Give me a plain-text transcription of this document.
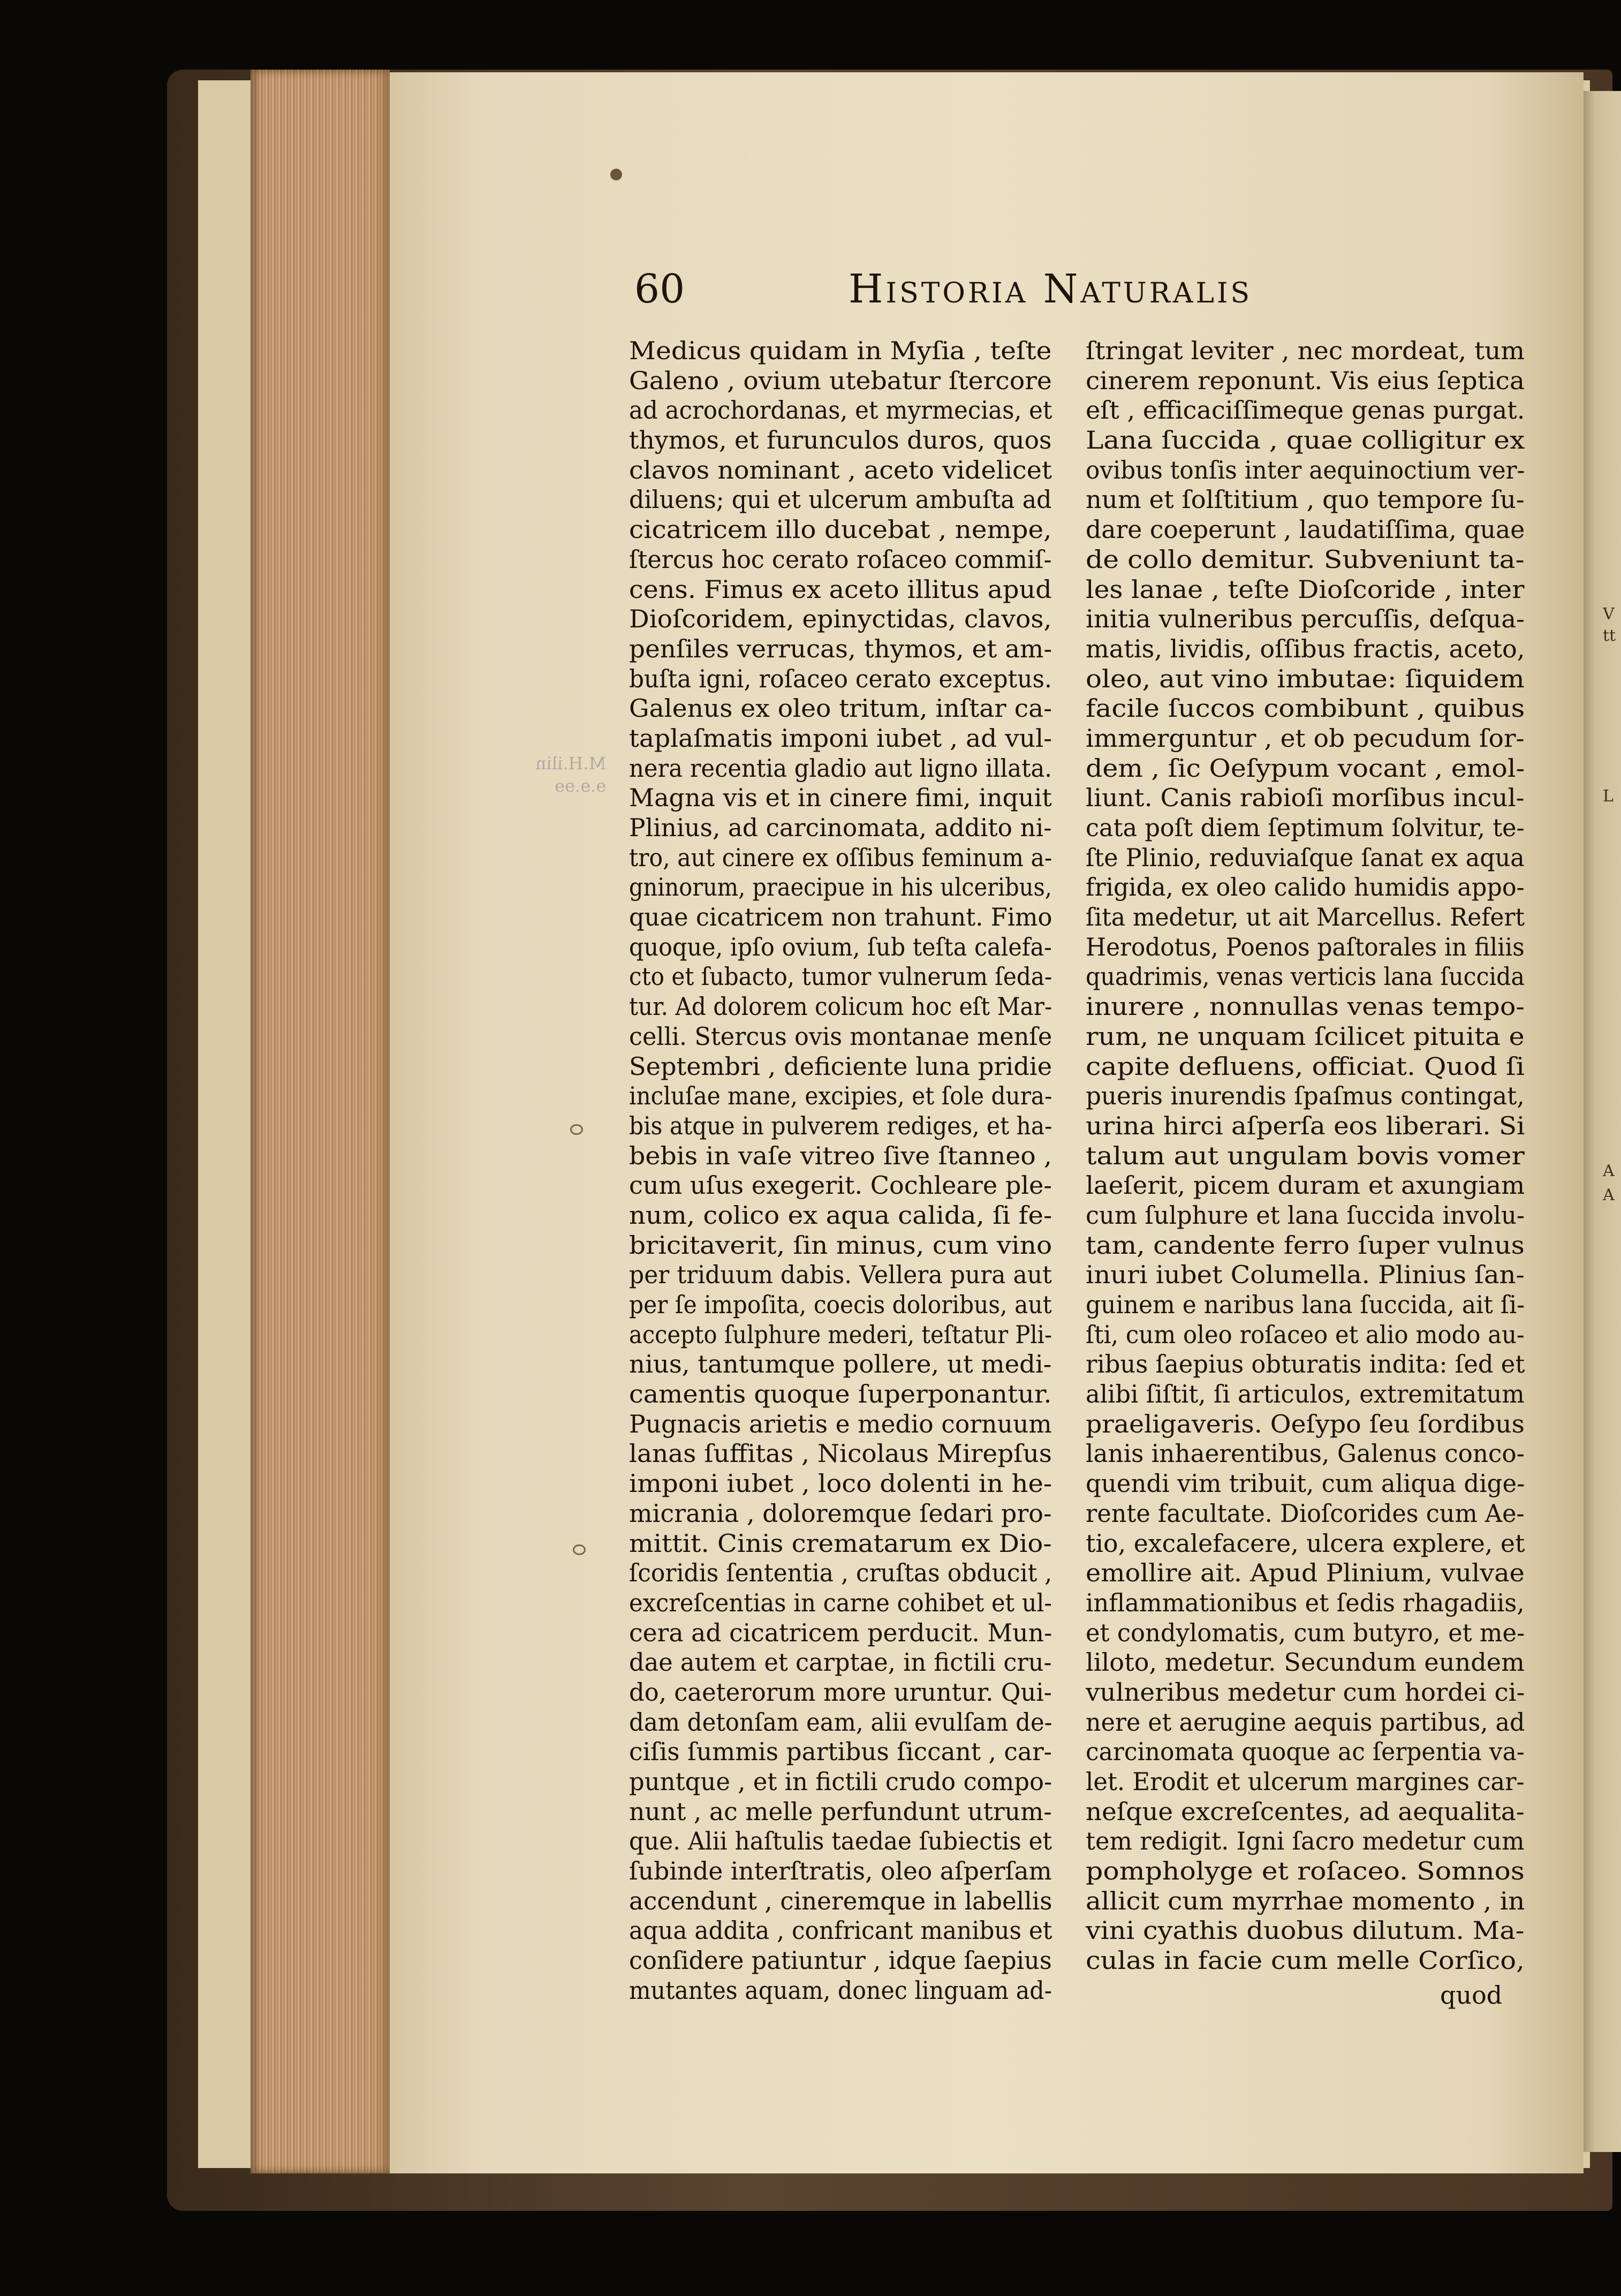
V
tt
L
A
A
60	Historia Naturalis
M.H.ilin
ɘ.ɘ.ɘɘ
Medicus quidam in Myſia , teſte
Galeno , ovium utebatur ſtercore
ad acrochordanas, et myrmecias, et
thymos, et furunculos duros, quos
clavos nominant , aceto videlicet
diluens; qui et ulcerum ambuſta ad
cicatricem illo ducebat , nempe,
ſtercus hoc cerato roſaceo commiſ-
cens. Fimus ex aceto illitus apud
Dioſcoridem, epinyctidas, clavos,
penſiles verrucas, thymos, et am-
buſta igni, roſaceo cerato exceptus.
Galenus ex oleo tritum, inſtar ca-
taplaſmatis imponi iubet , ad vul-
nera recentia gladio aut ligno illata.
Magna vis et in cinere fimi, inquit
Plinius, ad carcinomata, addito ni-
tro, aut cinere ex oſſibus feminum a-
gninorum, praecipue in his ulceribus,
quae cicatricem non trahunt. Fimo
quoque, ipſo ovium, ſub teſta calefa-
cto et ſubacto, tumor vulnerum ſeda-
tur. Ad dolorem colicum hoc eſt Mar-
celli. Stercus ovis montanae menſe
Septembri , deficiente luna pridie
incluſae mane, excipies, et ſole dura-
bis atque in pulverem rediges, et ha-
bebis in vaſe vitreo ſive ſtanneo ,
cum uſus exegerit. Cochleare ple-
num, colico ex aqua calida, ſi fe-
bricitaverit, ſin minus, cum vino
per triduum dabis. Vellera pura aut
per ſe impoſita, coecis doloribus, aut
accepto ſulphure mederi, teſtatur Pli-
nius, tantumque pollere, ut medi-
camentis quoque ſuperponantur.
Pugnacis arietis e medio cornuum
lanas ſuffitas , Nicolaus Mirepſus
imponi iubet , loco dolenti in he-
micrania , doloremque ſedari pro-
mittit. Cinis crematarum ex Dio-
ſcoridis ſententia , cruſtas obducit ,
excreſcentias in carne cohibet et ul-
cera ad cicatricem perducit. Mun-
dae autem et carptae, in fictili cru-
do, caeterorum more uruntur. Qui-
dam detonſam eam, alii evulſam de-
ciſis ſummis partibus ſiccant , car-
puntque , et in fictili crudo compo-
nunt , ac melle perfundunt utrum-
que. Alii haſtulis taedae ſubiectis et
ſubinde interſtratis, oleo aſperſam
accendunt , cineremque in labellis
aqua addita , confricant manibus et
conſidere patiuntur , idque ſaepius
mutantes aquam, donec linguam ad-
ſtringat leviter , nec mordeat, tum
cinerem reponunt. Vis eius ſeptica
eſt , efficaciſſimeque genas purgat.
Lana ſuccida , quae colligitur ex
ovibus tonſis inter aequinoctium ver-
num et ſolſtitium , quo tempore ſu-
dare coeperunt , laudatiſſima, quae
de collo demitur. Subveniunt ta-
les lanae , teſte Dioſcoride , inter
initia vulneribus percuſſis, deſqua-
matis, lividis, oſſibus fractis, aceto,
oleo, aut vino imbutae: ſiquidem
facile ſuccos combibunt , quibus
immerguntur , et ob pecudum ſor-
dem , ſic Oeſypum vocant , emol-
liunt. Canis rabioſi morſibus incul-
cata poſt diem ſeptimum ſolvitur, te-
ſte Plinio, reduviaſque ſanat ex aqua
frigida, ex oleo calido humidis appo-
ſita medetur, ut ait Marcellus. Refert
Herodotus, Poenos paſtorales in filiis
quadrimis, venas verticis lana ſuccida
inurere , nonnullas venas tempo-
rum, ne unquam ſcilicet pituita e
capite defluens, officiat. Quod ſi
pueris inurendis ſpaſmus contingat,
urina hirci aſperſa eos liberari. Si
talum aut ungulam bovis vomer
laeſerit, picem duram et axungiam
cum ſulphure et lana ſuccida involu-
tam, candente ferro ſuper vulnus
inuri iubet Columella. Plinius ſan-
guinem e naribus lana ſuccida, ait ſi-
ſti, cum oleo roſaceo et alio modo au-
ribus ſaepius obturatis indita: ſed et
alibi ſiſtit, ſi articulos, extremitatum
praeligaveris. Oeſypo ſeu ſordibus
lanis inhaerentibus, Galenus conco-
quendi vim tribuit, cum aliqua dige-
rente facultate. Dioſcorides cum Ae-
tio, excalefacere, ulcera explere, et
emollire ait. Apud Plinium, vulvae
inflammationibus et ſedis rhagadiis,
et condylomatis, cum butyro, et me-
liloto, medetur. Secundum eundem
vulneribus medetur cum hordei ci-
nere et aerugine aequis partibus, ad
carcinomata quoque ac ſerpentia va-
let. Erodit et ulcerum margines car-
neſque excreſcentes, ad aequalita-
tem redigit. Igni ſacro medetur cum
pompholyge et roſaceo. Somnos
allicit cum myrrhae momento , in
vini cyathis duobus dilutum. Ma-
culas in facie cum melle Corſico,
quod
